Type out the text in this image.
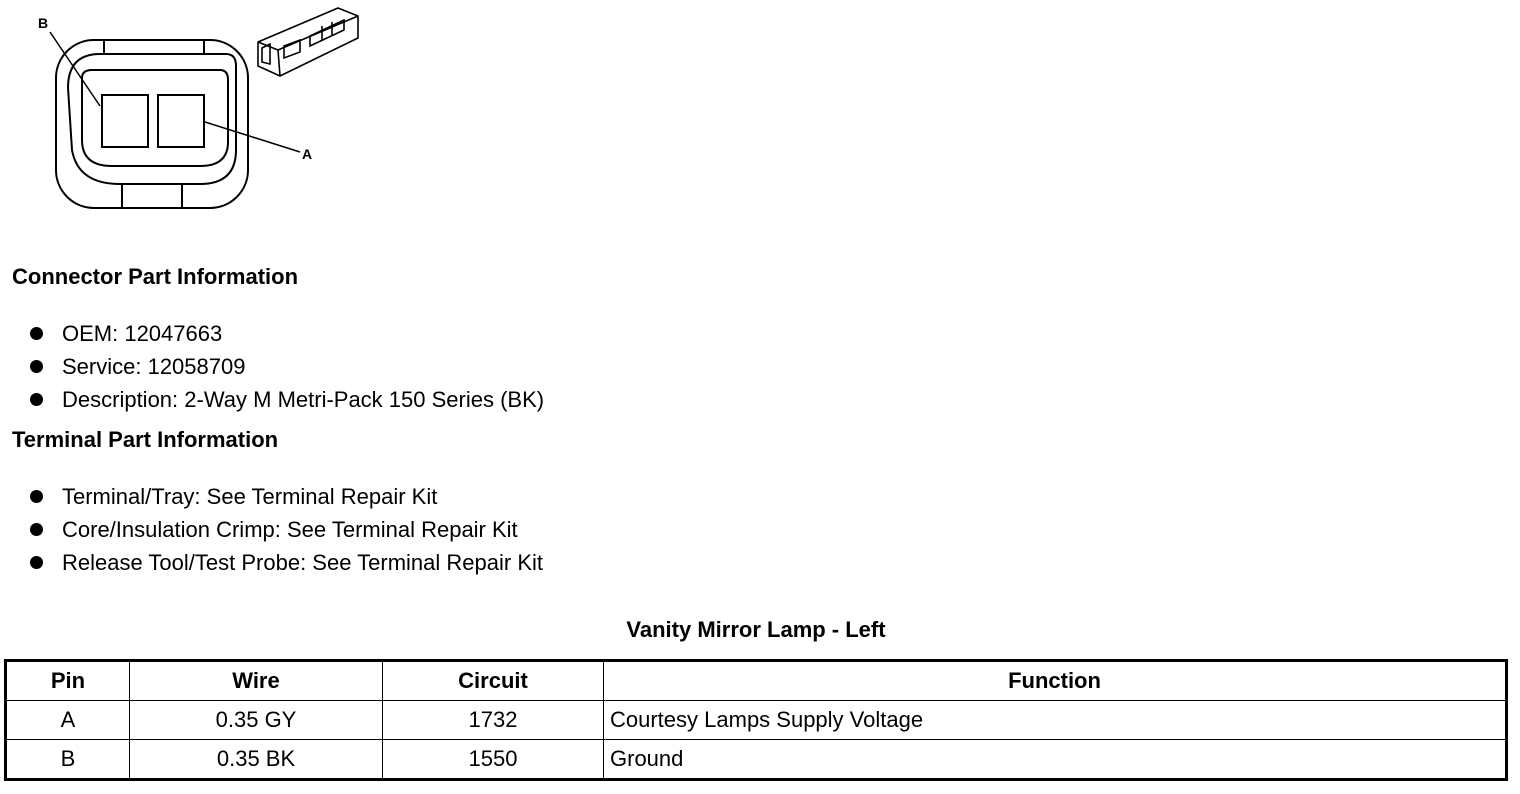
B
A
Connector Part Information
OEM: 12047663
Service: 12058709
Description: 2-Way M Metri-Pack 150 Series (BK)
Terminal Part Information
Terminal/Tray: See Terminal Repair Kit
Core/Insulation Crimp: See Terminal Repair Kit
Release Tool/Test Probe: See Terminal Repair Kit
Vanity Mirror Lamp - Left
Pin	Wire	Circuit	Function
A	0.35 GY	1732	Courtesy Lamps Supply Voltage
B	0.35 BK	1550	Ground
